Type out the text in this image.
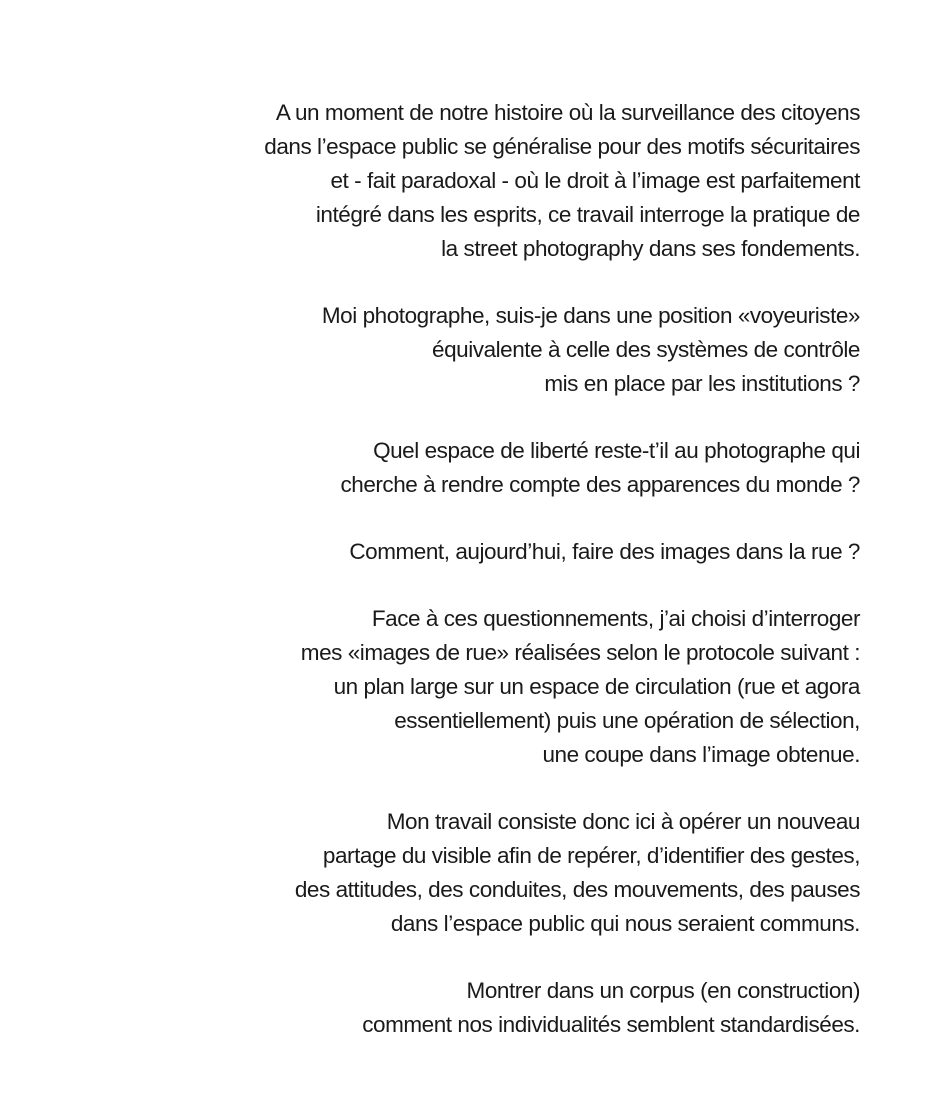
A un moment de notre histoire où la surveillance des citoyens
dans l’espace public se généralise pour des motifs sécuritaires
et - fait paradoxal - où le droit à l’image est parfaitement
intégré dans les esprits, ce travail interroge la pratique de
la street photography dans ses fondements.

Moi photographe, suis-je dans une position «voyeuriste»
équivalente à celle des systèmes de contrôle
mis en place par les institutions ?

Quel espace de liberté reste-t’il au photographe qui
cherche à rendre compte des apparences du monde ?

Comment, aujourd’hui, faire des images dans la rue ?

Face à ces questionnements, j’ai choisi d’interroger
mes «images de rue» réalisées selon le protocole suivant :
un plan large sur un espace de circulation (rue et agora
essentiellement) puis une opération de sélection,
une coupe dans l’image obtenue.

Mon travail consiste donc ici à opérer un nouveau
partage du visible afin de repérer, d’identifier des gestes,
des attitudes, des conduites, des mouvements, des pauses
dans l’espace public qui nous seraient communs.

Montrer dans un corpus (en construction)
comment nos individualités semblent standardisées.
